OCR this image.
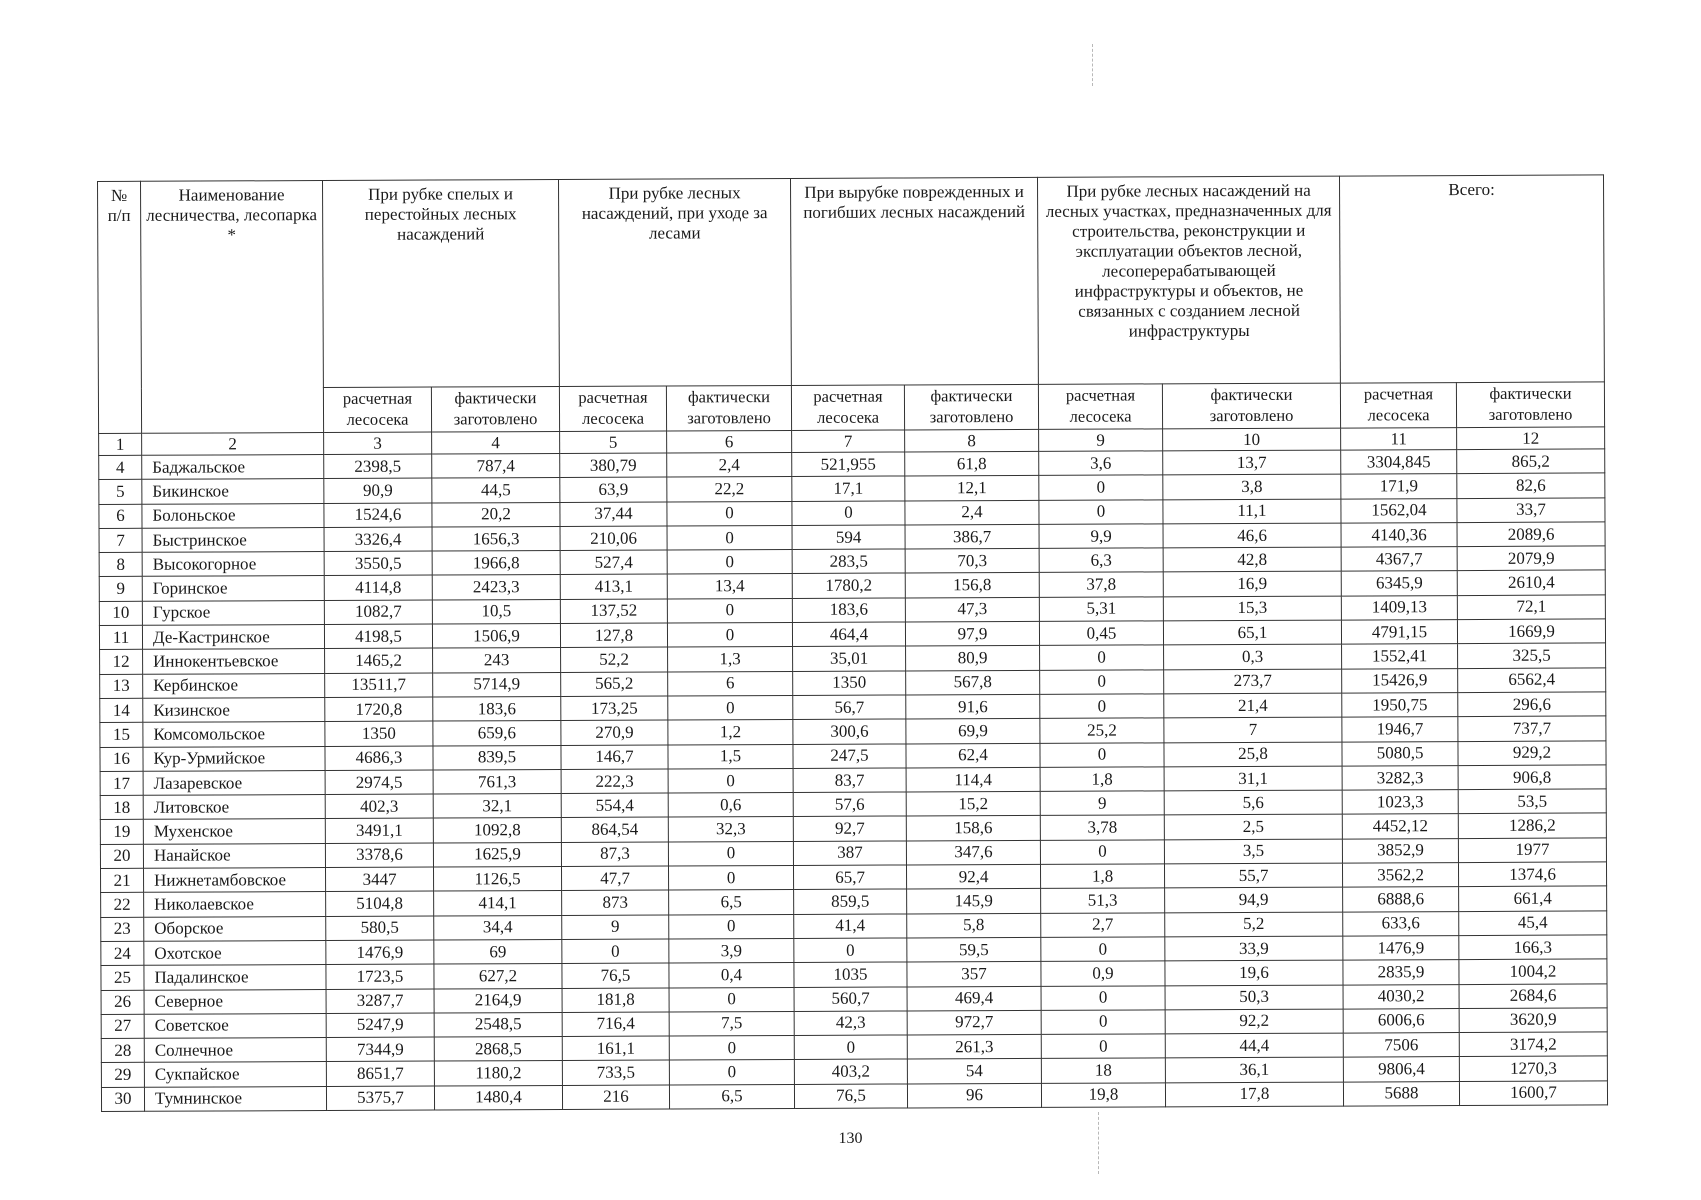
№ п/п	Наименование лесничества, лесопарка *	При рубке спелых и перестойных лесных насаждений		При рубке лесных насаждений, при уходе за лесами		При вырубке поврежденных и погибших лесных насаждений		При рубке лесных насаждений на лесных участках, предназначенных для строительства, реконструкции и эксплуатации объектов лесной, лесоперерабатывающей инфраструктуры и объектов, не связанных с созданием лесной инфраструктуры		Всего:	
		расчетная лесосека	фактически заготовлено	расчетная лесосека	фактически заготовлено	расчетная лесосека	фактически заготовлено	расчетная лесосека	фактически заготовлено	расчетная лесосека	фактически заготовлено
1	2	3	4	5	6	7	8	9	10	11	12
4	Баджальское	2398,5	787,4	380,79	2,4	521,955	61,8	3,6	13,7	3304,845	865,2
5	Бикинское	90,9	44,5	63,9	22,2	17,1	12,1	0	3,8	171,9	82,6
6	Болоньское	1524,6	20,2	37,44	0	0	2,4	0	11,1	1562,04	33,7
7	Быстринское	3326,4	1656,3	210,06	0	594	386,7	9,9	46,6	4140,36	2089,6
8	Высокогорное	3550,5	1966,8	527,4	0	283,5	70,3	6,3	42,8	4367,7	2079,9
9	Горинское	4114,8	2423,3	413,1	13,4	1780,2	156,8	37,8	16,9	6345,9	2610,4
10	Гурское	1082,7	10,5	137,52	0	183,6	47,3	5,31	15,3	1409,13	72,1
11	Де-Кастринское	4198,5	1506,9	127,8	0	464,4	97,9	0,45	65,1	4791,15	1669,9
12	Иннокентьевское	1465,2	243	52,2	1,3	35,01	80,9	0	0,3	1552,41	325,5
13	Кербинское	13511,7	5714,9	565,2	6	1350	567,8	0	273,7	15426,9	6562,4
14	Кизинское	1720,8	183,6	173,25	0	56,7	91,6	0	21,4	1950,75	296,6
15	Комсомольское	1350	659,6	270,9	1,2	300,6	69,9	25,2	7	1946,7	737,7
16	Кур-Урмийское	4686,3	839,5	146,7	1,5	247,5	62,4	0	25,8	5080,5	929,2
17	Лазаревское	2974,5	761,3	222,3	0	83,7	114,4	1,8	31,1	3282,3	906,8
18	Литовское	402,3	32,1	554,4	0,6	57,6	15,2	9	5,6	1023,3	53,5
19	Мухенское	3491,1	1092,8	864,54	32,3	92,7	158,6	3,78	2,5	4452,12	1286,2
20	Нанайское	3378,6	1625,9	87,3	0	387	347,6	0	3,5	3852,9	1977
21	Нижнетамбовское	3447	1126,5	47,7	0	65,7	92,4	1,8	55,7	3562,2	1374,6
22	Николаевское	5104,8	414,1	873	6,5	859,5	145,9	51,3	94,9	6888,6	661,4
23	Оборское	580,5	34,4	9	0	41,4	5,8	2,7	5,2	633,6	45,4
24	Охотское	1476,9	69	0	3,9	0	59,5	0	33,9	1476,9	166,3
25	Падалинское	1723,5	627,2	76,5	0,4	1035	357	0,9	19,6	2835,9	1004,2
26	Северное	3287,7	2164,9	181,8	0	560,7	469,4	0	50,3	4030,2	2684,6
27	Советское	5247,9	2548,5	716,4	7,5	42,3	972,7	0	92,2	6006,6	3620,9
28	Солнечное	7344,9	2868,5	161,1	0	0	261,3	0	44,4	7506	3174,2
29	Сукпайское	8651,7	1180,2	733,5	0	403,2	54	18	36,1	9806,4	1270,3
30	Тумнинское	5375,7	1480,4	216	6,5	76,5	96	19,8	17,8	5688	1600,7
130
